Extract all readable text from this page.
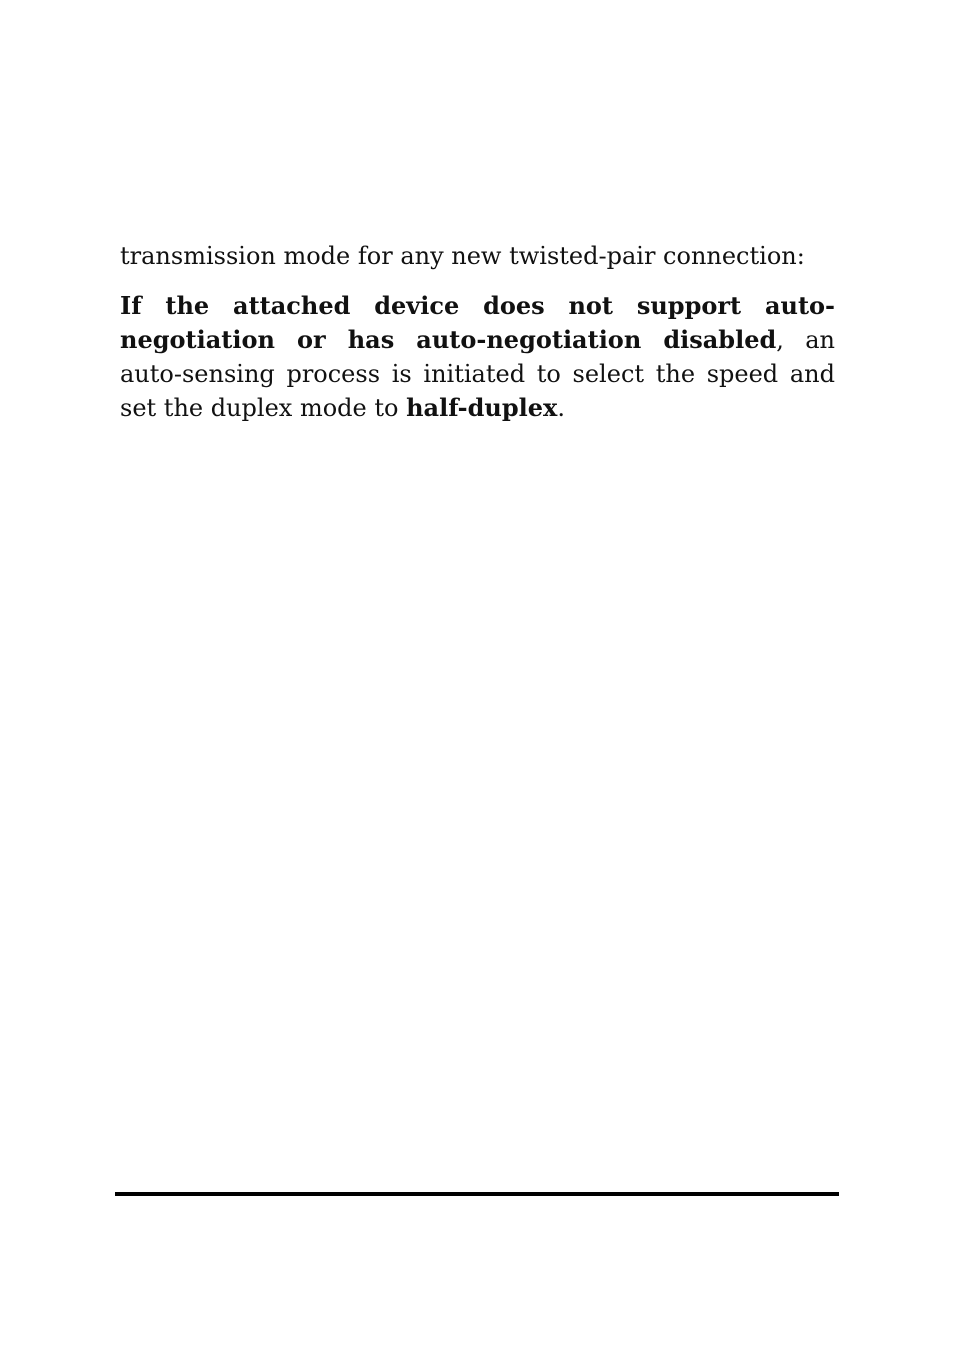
transmission mode for any new twisted-pair connection:

If the attached device does not support auto-negotiation or has auto-negotiation disabled, an auto-sensing process is initiated to select the speed and set the duplex mode to half-duplex.
